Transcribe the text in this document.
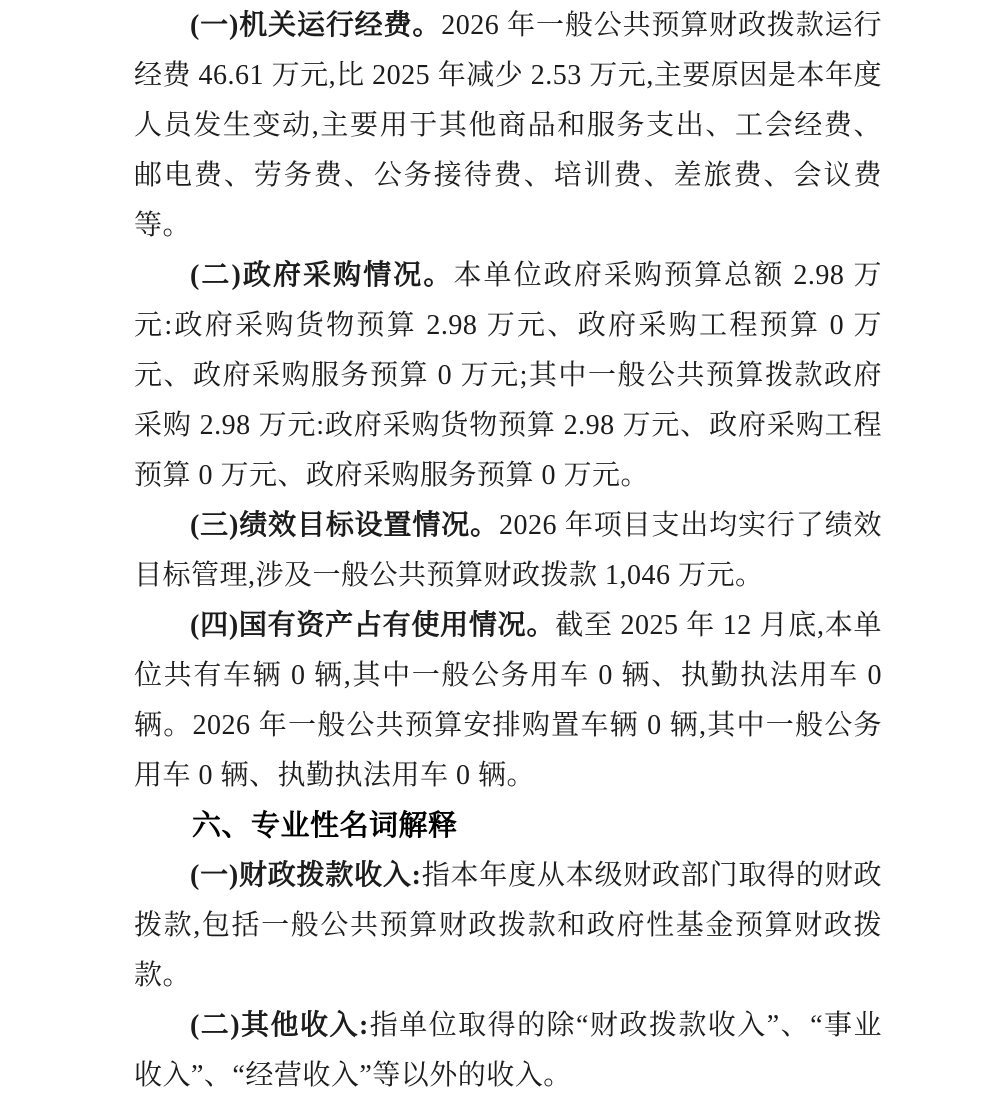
(一)机关运行经费。2026 年一般公共预算财政拨款运行经费 46.61 万元,比 2025 年减少 2.53 万元,主要原因是本年度人员发生变动,主要用于其他商品和服务支出、工会经费、邮电费、劳务费、公务接待费、培训费、差旅费、会议费等。

(二)政府采购情况。本单位政府采购预算总额 2.98 万元:政府采购货物预算 2.98 万元、政府采购工程预算 0 万元、政府采购服务预算 0 万元;其中一般公共预算拨款政府采购 2.98 万元:政府采购货物预算 2.98 万元、政府采购工程预算 0 万元、政府采购服务预算 0 万元。

(三)绩效目标设置情况。2026 年项目支出均实行了绩效目标管理,涉及一般公共预算财政拨款 1,046 万元。

(四)国有资产占有使用情况。截至 2025 年 12 月底,本单位共有车辆 0 辆,其中一般公务用车 0 辆、执勤执法用车 0 辆。2026 年一般公共预算安排购置车辆 0 辆,其中一般公务用车 0 辆、执勤执法用车 0 辆。

六、专业性名词解释

(一)财政拨款收入:指本年度从本级财政部门取得的财政拨款,包括一般公共预算财政拨款和政府性基金预算财政拨款。

(二)其他收入:指单位取得的除“财政拨款收入”、“事业收入”、“经营收入”等以外的收入。
